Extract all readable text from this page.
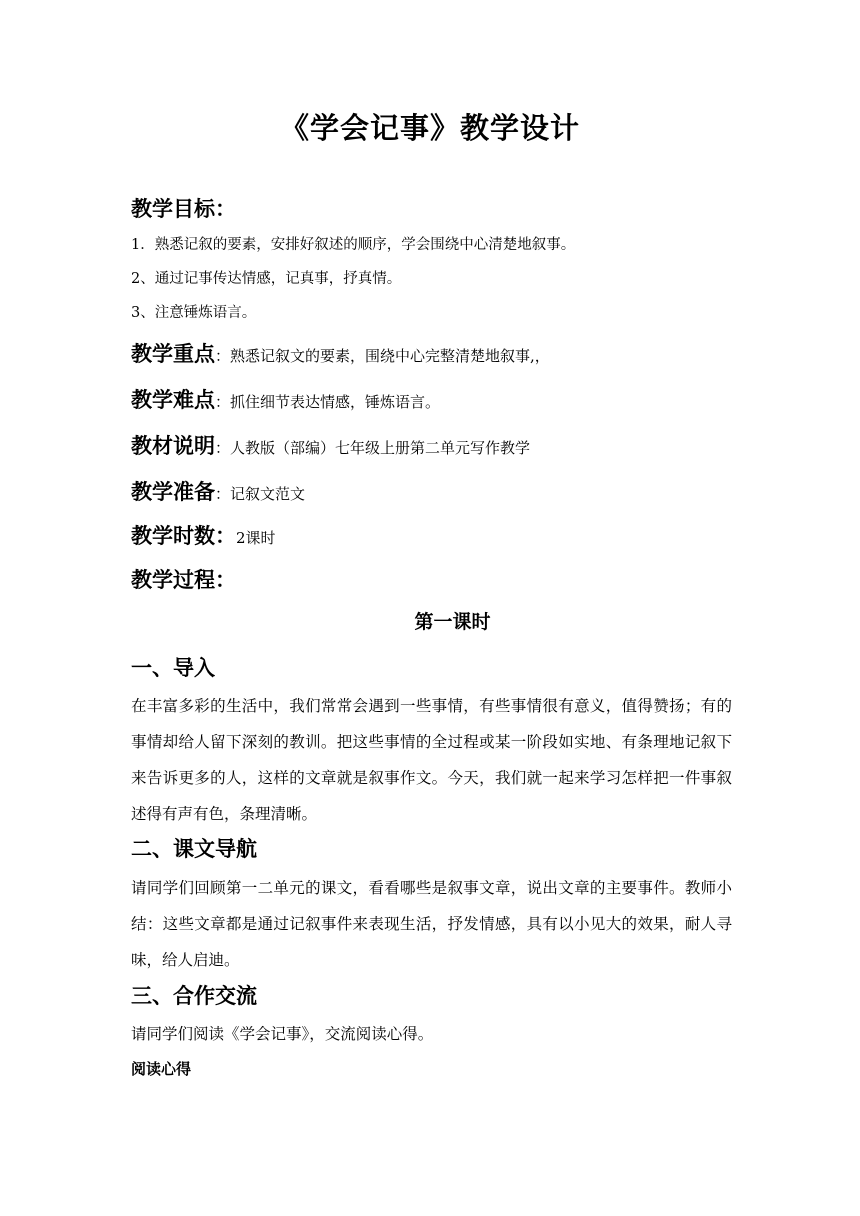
《学会记事》教学设计
教学目标：
1．熟悉记叙的要素，安排好叙述的顺序，学会围绕中心清楚地叙事。
2、通过记事传达情感，记真事，抒真情。
3、注意锤炼语言。
教学重点：熟悉记叙文的要素，围绕中心完整清楚地叙事,，
教学难点：抓住细节表达情感，锤炼语言。
教材说明：人教版（部编）七年级上册第二单元写作教学
教学准备：记叙文范文
教学时数：2课时
教学过程：
第一课时
一、导入
在丰富多彩的生活中，我们常常会遇到一些事情，有些事情很有意义，值得赞扬；有的事情却给人留下深刻的教训。把这些事情的全过程或某一阶段如实地、有条理地记叙下来告诉更多的人，这样的文章就是叙事作文。今天，我们就一起来学习怎样把一件事叙述得有声有色，条理清晰。
二、课文导航
请同学们回顾第一二单元的课文，看看哪些是叙事文章，说出文章的主要事件。教师小结：这些文章都是通过记叙事件来表现生活，抒发情感，具有以小见大的效果，耐人寻味，给人启迪。
三、合作交流
请同学们阅读《学会记事》，交流阅读心得。
阅读心得
